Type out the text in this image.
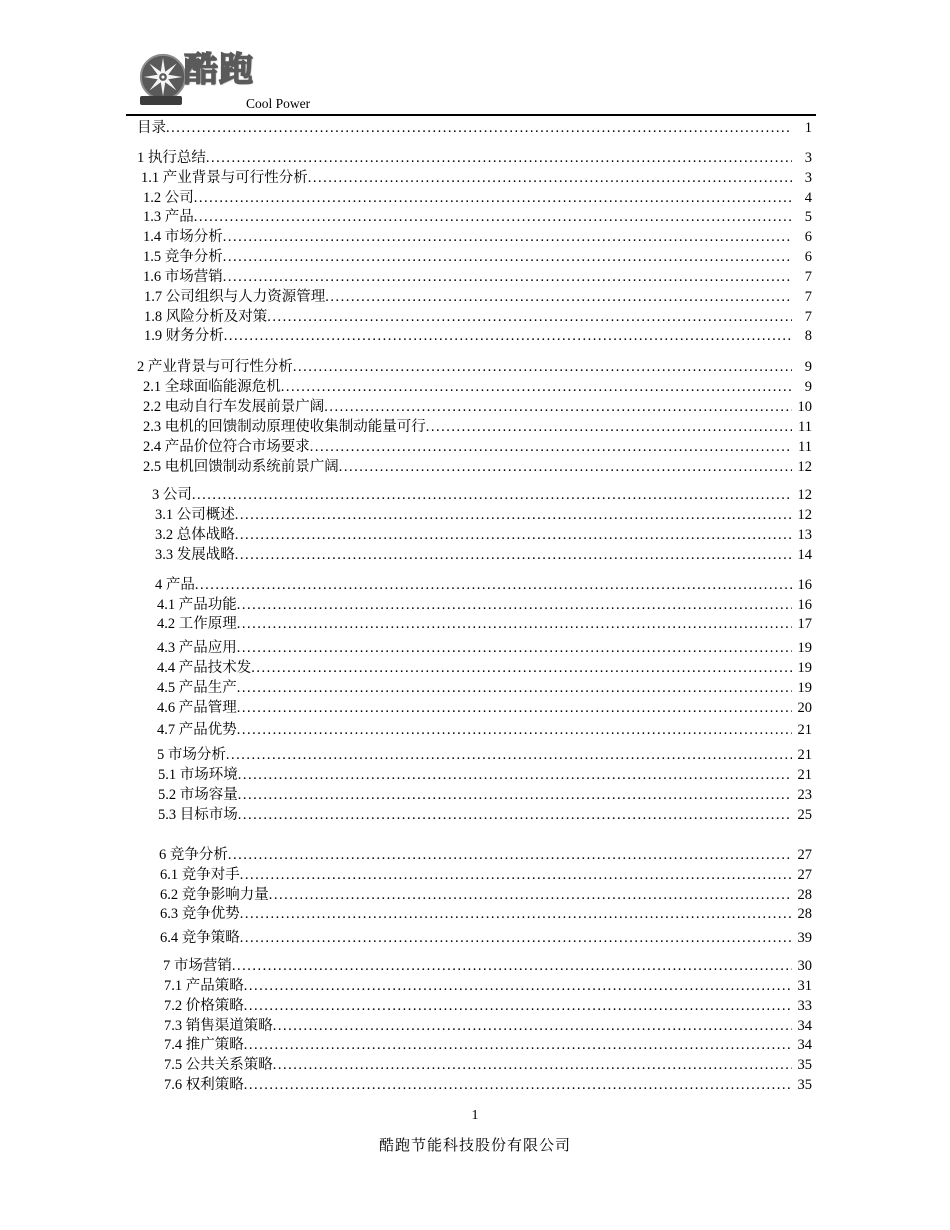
酷跑
Cool Power
目录 .....	1
1 执行总结 .....	3
1.1 产业背景与可行性分析 .....	3
1.2 公司 .....	4
1.3 产品 .....	5
1.4 市场分析 .....	6
1.5 竞争分析 .....	6
1.6 市场营销 .....	7
1.7 公司组织与人力资源管理 .....	7
1.8 风险分析及对策 .....	7
1.9 财务分析 .....	8
2 产业背景与可行性分析 .....	9
2.1 全球面临能源危机 .....	9
2.2 电动自行车发展前景广阔 .....	10
2.3 电机的回馈制动原理使收集制动能量可行 .....	11
2.4 产品价位符合市场要求 .....	11
2.5 电机回馈制动系统前景广阔 .....	12
3 公司 .....	12
3.1 公司概述 .....	12
3.2 总体战略 .....	13
3.3 发展战略 .....	14
4 产品 .....	16
4.1 产品功能 .....	16
4.2 工作原理 .....	17
4.3 产品应用 .....	19
4.4 产品技术发 .....	19
4.5 产品生产 .....	19
4.6 产品管理 .....	20
4.7 产品优势 .....	21
5 市场分析 .....	21
5.1 市场环境 .....	21
5.2 市场容量 .....	23
5.3 目标市场 .....	25
6 竞争分析 .....	27
6.1 竞争对手 .....	27
6.2 竞争影响力量 .....	28
6.3 竞争优势 .....	28
6.4 竞争策略 .....	39
7 市场营销 .....	30
7.1 产品策略 .....	31
7.2 价格策略 .....	33
7.3 销售渠道策略 .....	34
7.4 推广策略 .....	34
7.5 公共关系策略 .....	35
7.6 权利策略 .....	35
1
酷跑节能科技股份有限公司
